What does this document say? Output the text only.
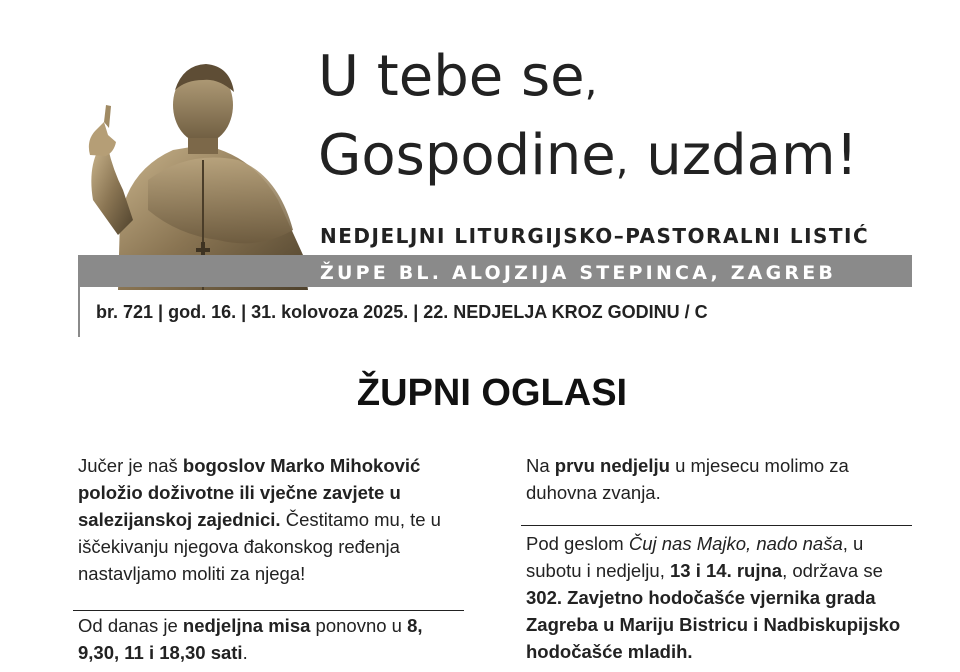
U tebe se,
Gospodine, uzdam!
NEDJELJNI LITURGIJSKO–PASTORALNI LISTIĆ
ŽUPE BL. ALOJZIJA STEPINCA, ZAGREB
br. 721 | god. 16. | 31. kolovoza 2025. | 22. NEDJELJA KROZ GODINU / C
ŽUPNI OGLASI
Jučer je naš bogoslov Marko Mihoković položio doživotne ili vječne zavjete u salezijanskoj zajednici. Čestitamo mu, te u iščekivanju njegova đakonskog ređenja nastavljamo moliti za njega!
Od danas je nedjeljna misa ponovno u 8, 9,30, 11 i 18,30 sati.
Na prvu nedjelju u mjesecu molimo za duhovna zvanja.
Pod geslom Čuj nas Majko, nado naša, u subotu i nedjelju, 13 i 14. rujna, održava se 302. Zavjetno hodočašće vjernika grada Zagreba u Mariju Bistricu i Nadbiskupijsko hodočašće mladih.
